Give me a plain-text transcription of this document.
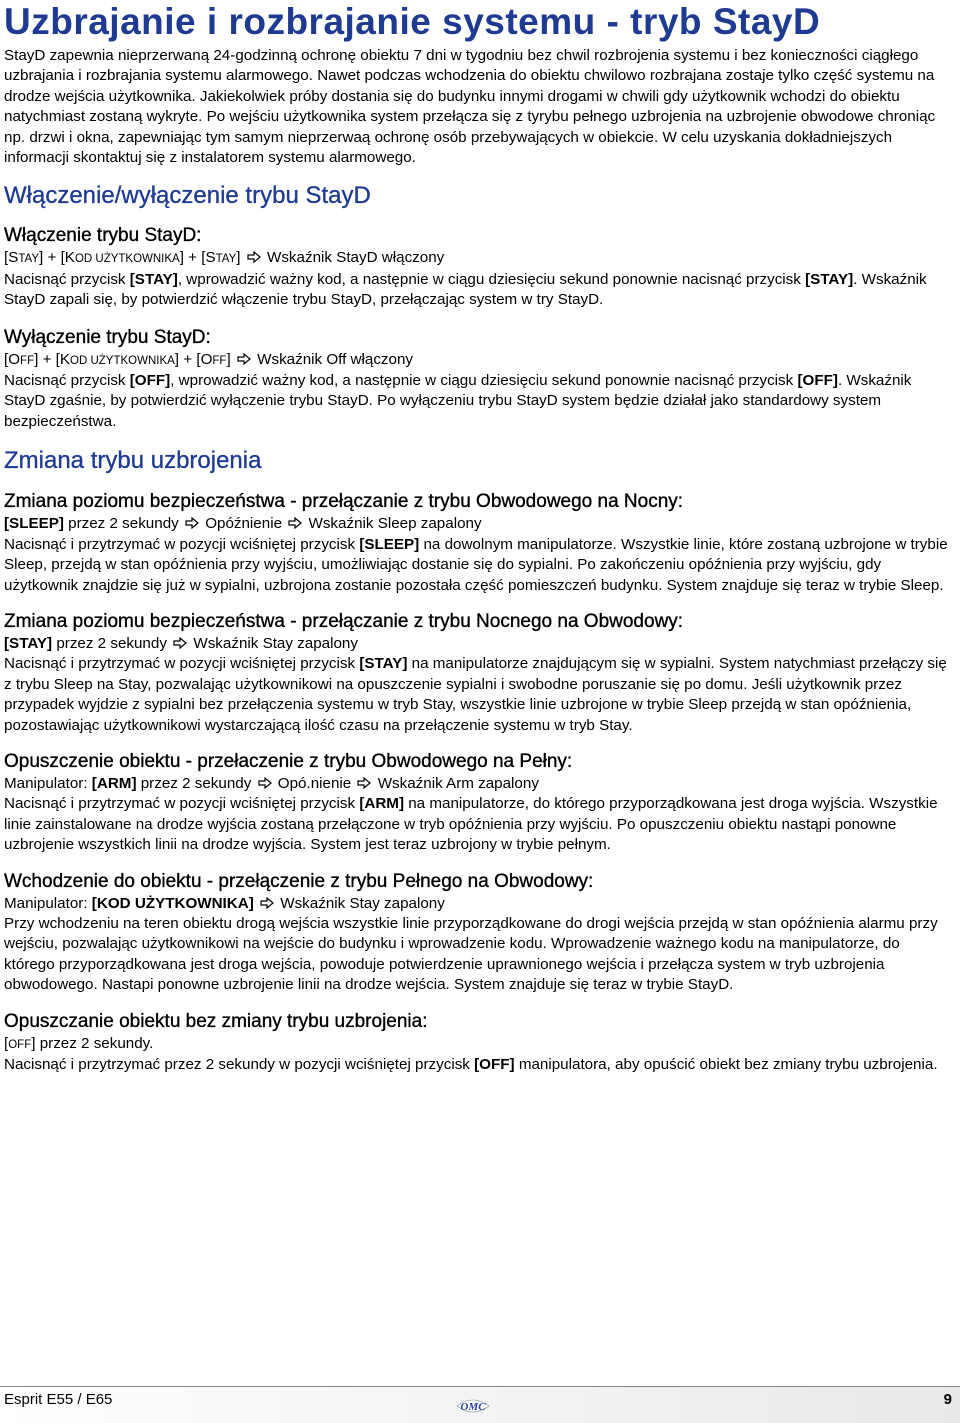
Uzbrajanie i rozbrajanie systemu - tryb StayD
StayD zapewnia nieprzerwaną 24-godzinną ochronę obiektu 7 dni w tygodniu bez chwil rozbrojenia systemu i bez konieczności ciągłego uzbrajania i rozbrajania systemu alarmowego. Nawet podczas wchodzenia do obiektu chwilowo rozbrajana zostaje tylko część systemu na drodze wejścia użytkownika. Jakiekolwiek próby dostania się do budynku innymi drogami w chwili gdy użytkownik wchodzi do obiektu natychmiast zostaną wykryte. Po wejściu użytkownika system przełącza się z tyrybu pełnego uzbrojenia na uzbrojenie obwodowe chroniąc np. drzwi i okna, zapewniając tym samym nieprzerwaą ochronę osób przebywających w obiekcie. W celu uzyskania dokładniejszych informacji skontaktuj się z instalatorem systemu alarmowego.
Włączenie/wyłączenie trybu StayD
Włączenie trybu StayD:
[STAY] + [KOD UŻYTKOWNIKA] + [STAY] Wskaźnik StayD włączony
Nacisnąć przycisk [STAY], wprowadzić ważny kod, a następnie w ciągu dziesięciu sekund ponownie nacisnąć przycisk [STAY]. Wskaźnik StayD zapali się, by potwierdzić włączenie trybu StayD, przełączając system w try StayD.
Wyłączenie trybu StayD:
[OFF] + [KOD UŻYTKOWNIKA] + [OFF] Wskaźnik Off włączony
Nacisnąć przycisk [OFF], wprowadzić ważny kod, a następnie w ciągu dziesięciu sekund ponownie nacisnąć przycisk [OFF]. Wskaźnik StayD zgaśnie, by potwierdzić wyłączenie trybu StayD. Po wyłączeniu trybu StayD system będzie działał jako standardowy system bezpieczeństwa.
Zmiana trybu uzbrojenia
Zmiana poziomu bezpieczeństwa - przełączanie z trybu Obwodowego na Nocny:
[SLEEP] przez 2 sekundy
Opóźnienie Wskaźnik Sleep zapalony
Nacisnąć i przytrzymać w pozycji wciśniętej przycisk [SLEEP] na dowolnym manipulatorze. Wszystkie linie, które zostaną uzbrojone w trybie Sleep, przejdą w stan opóźnienia przy wyjściu, umożliwiając dostanie się do sypialni. Po zakończeniu opóźnienia przy wyjściu, gdy użytkownik znajdzie się już w sypialni, uzbrojona zostanie pozostała część pomieszczeń budynku. System znajduje się teraz w trybie Sleep.
Zmiana poziomu bezpieczeństwa - przełączanie z trybu Nocnego na Obwodowy:
[STAY] przez 2 sekundy
Wskaźnik Stay zapalony
Nacisnąć i przytrzymać w pozycji wciśniętej przycisk [STAY] na manipulatorze znajdującym się w sypialni. System natychmiast przełączy się z trybu Sleep na Stay, pozwalając użytkownikowi na opuszczenie sypialni i swobodne poruszanie się po domu. Jeśli użytkownik przez przypadek wyjdzie z sypialni bez przełączenia systemu w tryb Stay, wszystkie linie uzbrojone w trybie Sleep przejdą w stan opóźnienia, pozostawiając użytkownikowi wystarczającą ilość czasu na przełączenie systemu w tryb Stay.
Opuszczenie obiektu - przełaczenie z trybu Obwodowego na Pełny:
Manipulator: [ARM] przez 2 sekundy
Opó.nienie Wskaźnik Arm zapalony
Nacisnąć i przytrzymać w pozycji wciśniętej przycisk [ARM] na manipulatorze, do którego przyporządkowana jest droga wyjścia. Wszystkie linie zainstalowane na drodze wyjścia zostaną przełączone w tryb opóźnienia przy wyjściu. Po opuszczeniu obiektu nastąpi ponowne uzbrojenie wszystkich linii na drodze wyjścia. System jest teraz uzbrojony w trybie pełnym.
Wchodzenie do obiektu - przełączenie z trybu Pełnego na Obwodowy:
Manipulator: [KOD UŻYTKOWNIKA] Wskaźnik Stay zapalony
Przy wchodzeniu na teren obiektu drogą wejścia wszystkie linie przyporządkowane do drogi wejścia przejdą w stan opóźnienia alarmu przy wejściu, pozwalając użytkownikowi na wejście do budynku i wprowadzenie kodu. Wprowadzenie ważnego kodu na manipulatorze, do którego przyporządkowana jest droga wejścia, powoduje potwierdzenie uprawnionego wejścia i przełącza system w tryb uzbrojenia obwodowego. Nastapi ponowne uzbrojenie linii na drodze wejścia. System znajduje się teraz w trybie StayD.
Opuszczanie obiektu bez zmiany trybu uzbrojenia:
[OFF] przez 2 sekundy.
Nacisnąć i przytrzymać przez 2 sekundy w pozycji wciśniętej przycisk [OFF] manipulatora, aby opuścić obiekt bez zmiany trybu uzbrojenia.
Esprit E55 / E65	OMC	9
